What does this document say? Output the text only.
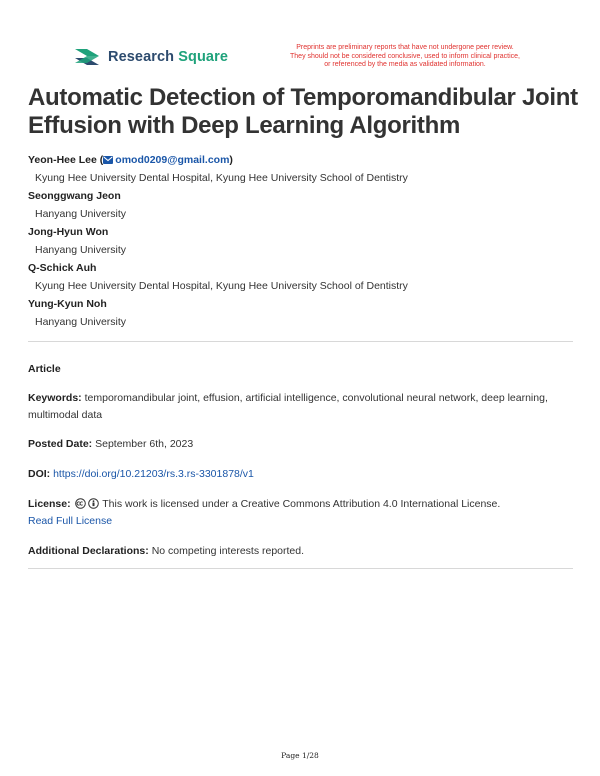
Research Square
Preprints are preliminary reports that have not undergone peer review.
They should not be considered conclusive, used to inform clinical practice,
or referenced by the media as validated information.
Automatic Detection of Temporomandibular Joint Effusion with Deep Learning Algorithm
Yeon-Hee Lee ( omod0209@gmail.com)
Kyung Hee University Dental Hospital, Kyung Hee University School of Dentistry
Seonggwang Jeon
Hanyang University
Jong-Hyun Won
Hanyang University
Q-Schick Auh
Kyung Hee University Dental Hospital, Kyung Hee University School of Dentistry
Yung-Kyun Noh
Hanyang University
Article
Keywords: temporomandibular joint, effusion, artificial intelligence, convolutional neural network, deep learning, multimodal data
Posted Date: September 6th, 2023
DOI: https://doi.org/10.21203/rs.3.rs-3301878/v1
License:	This work is licensed under a Creative Commons Attribution 4.0 International License.
Read Full License
Additional Declarations: No competing interests reported.
Page 1/28
